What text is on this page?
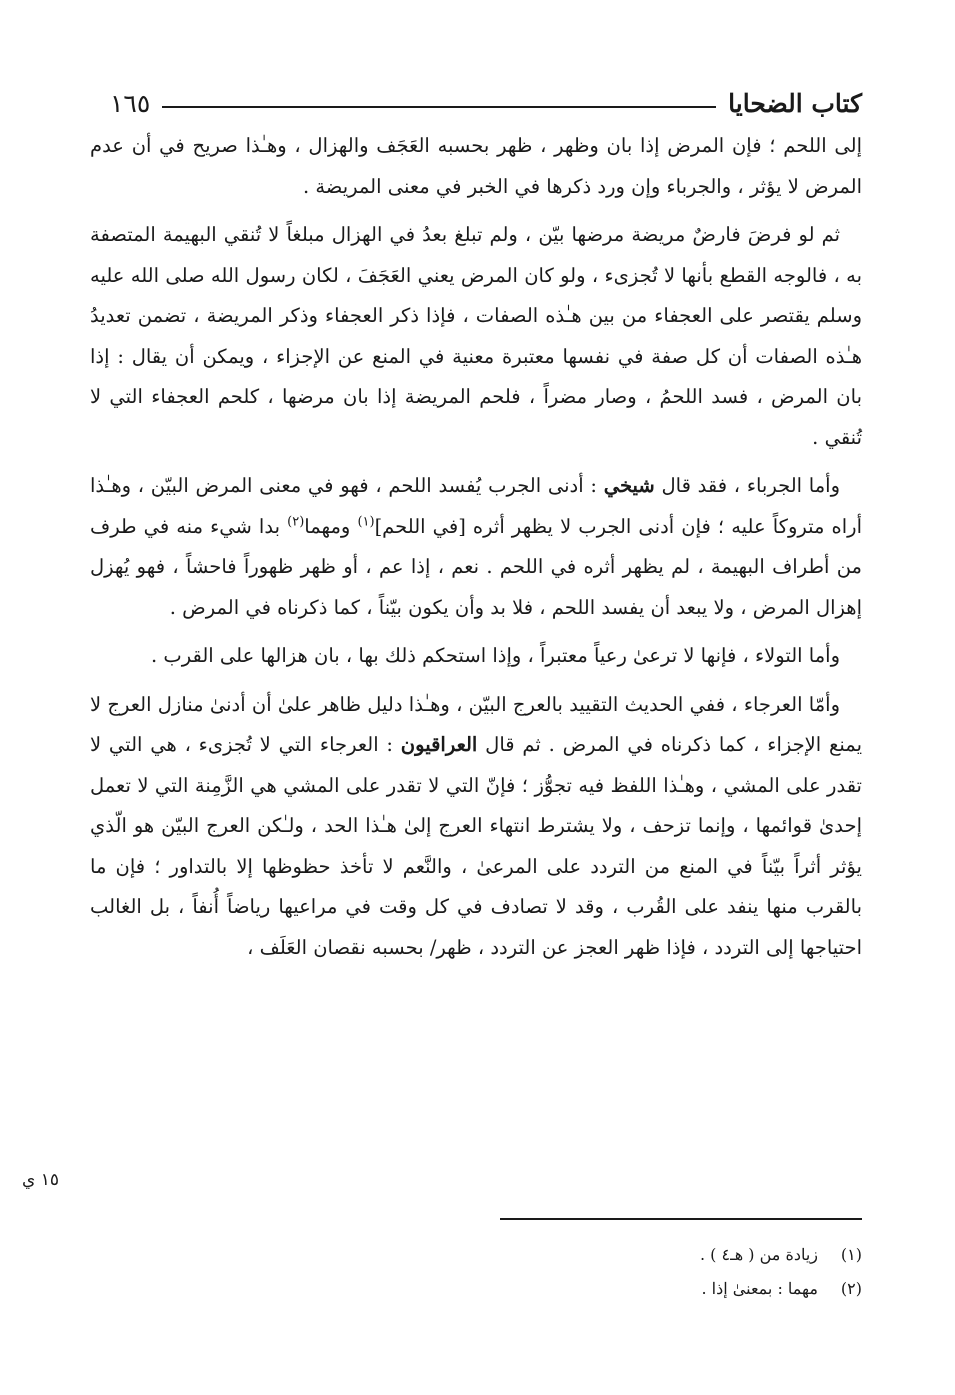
كتاب الضحايا
١٦٥

إلى اللحم ؛ فإن المرض إذا بان وظهر ، ظهر بحسبه العَجَف والهزال ، وهـٰذا صريح في أن عدم المرض لا يؤثر ، والجرباء وإن ورد ذكرها في الخبر في معنى المريضة .

ثم لو فرضَ فارضٌ مريضة مرضها بيّن ، ولم تبلغ بعدُ في الهزال مبلغاً لا تُنقي البهيمة المتصفة به ، فالوجه القطع بأنها لا تُجزىء ، ولو كان المرض يعني العَجَفَ ، لكان رسول الله صلى الله عليه وسلم يقتصر على العجفاء من بين هـٰذه الصفات ، فإذا ذكر العجفاء وذكر المريضة ، تضمن تعديدُ هـٰذه الصفات أن كل صفة في نفسها معتبرة معنية في المنع عن الإجزاء ، ويمكن أن يقال : إذا بان المرض ، فسد اللحمُ ، وصار مضراً ، فلحم المريضة إذا بان مرضها ، كلحم العجفاء التي لا تُنقي .

وأما الجرباء ، فقد قال شيخي : أدنى الجرب يُفسد اللحم ، فهو في معنى المرض البيّن ، وهـٰذا أراه متروكاً عليه ؛ فإن أدنى الجرب لا يظهر أثره [في اللحم]$^{(١)}$ ومهما$^{(٢)}$ بدا شيء منه في طرف من أطراف البهيمة ، لم يظهر أثره في اللحم . نعم ، إذا عم ، أو ظهر ظهوراً فاحشاً ، فهو يُهزل إهزال المرض ، ولا يبعد أن يفسد اللحم ، فلا بد وأن يكون بيّناً ، كما ذكرناه في المرض .

وأما التولاء ، فإنها لا ترعىٰ رعياً معتبراً ، وإذا استحكم ذلك بها ، بان هزالها على القرب .

وأمّا العرجاء ، ففي الحديث التقييد بالعرج البيّن ، وهـٰذا دليل ظاهر علىٰ أن أدنىٰ منازل العرج لا يمنع الإجزاء ، كما ذكرناه في المرض . ثم قال العراقيون : العرجاء التي لا تُجزىء ، هي التي لا تقدر على المشي ، وهـٰذا اللفظ فيه تجوُّز ؛ فإنّ التي لا تقدر على المشي هي الزَّمِنة التي لا تعمل إحدىٰ قوائمها ، وإنما تزحف ، ولا يشترط انتهاء العرج إلىٰ هـٰذا الحد ، ولـٰكن العرج البيّن هو الّذي يؤثر أثراً بيّناً في المنع من التردد على المرعىٰ ، والنَّعم لا تأخذ حظوظها إلا بالتداور ؛ فإن ما بالقرب منها ينفد على القُرب ، وقد لا تصادف في كل وقت في مراعيها رياضاً أُنفاً ، بل الغالب احتياجها إلى التردد ، فإذا ظهر العجز عن التردد ، ظهر/ بحسبه نقصان العَلَف ،

١٥ ي
(١)زيادة من ( هـ٤ ) .
(٢)مهما : بمعنىٰ إذا .
